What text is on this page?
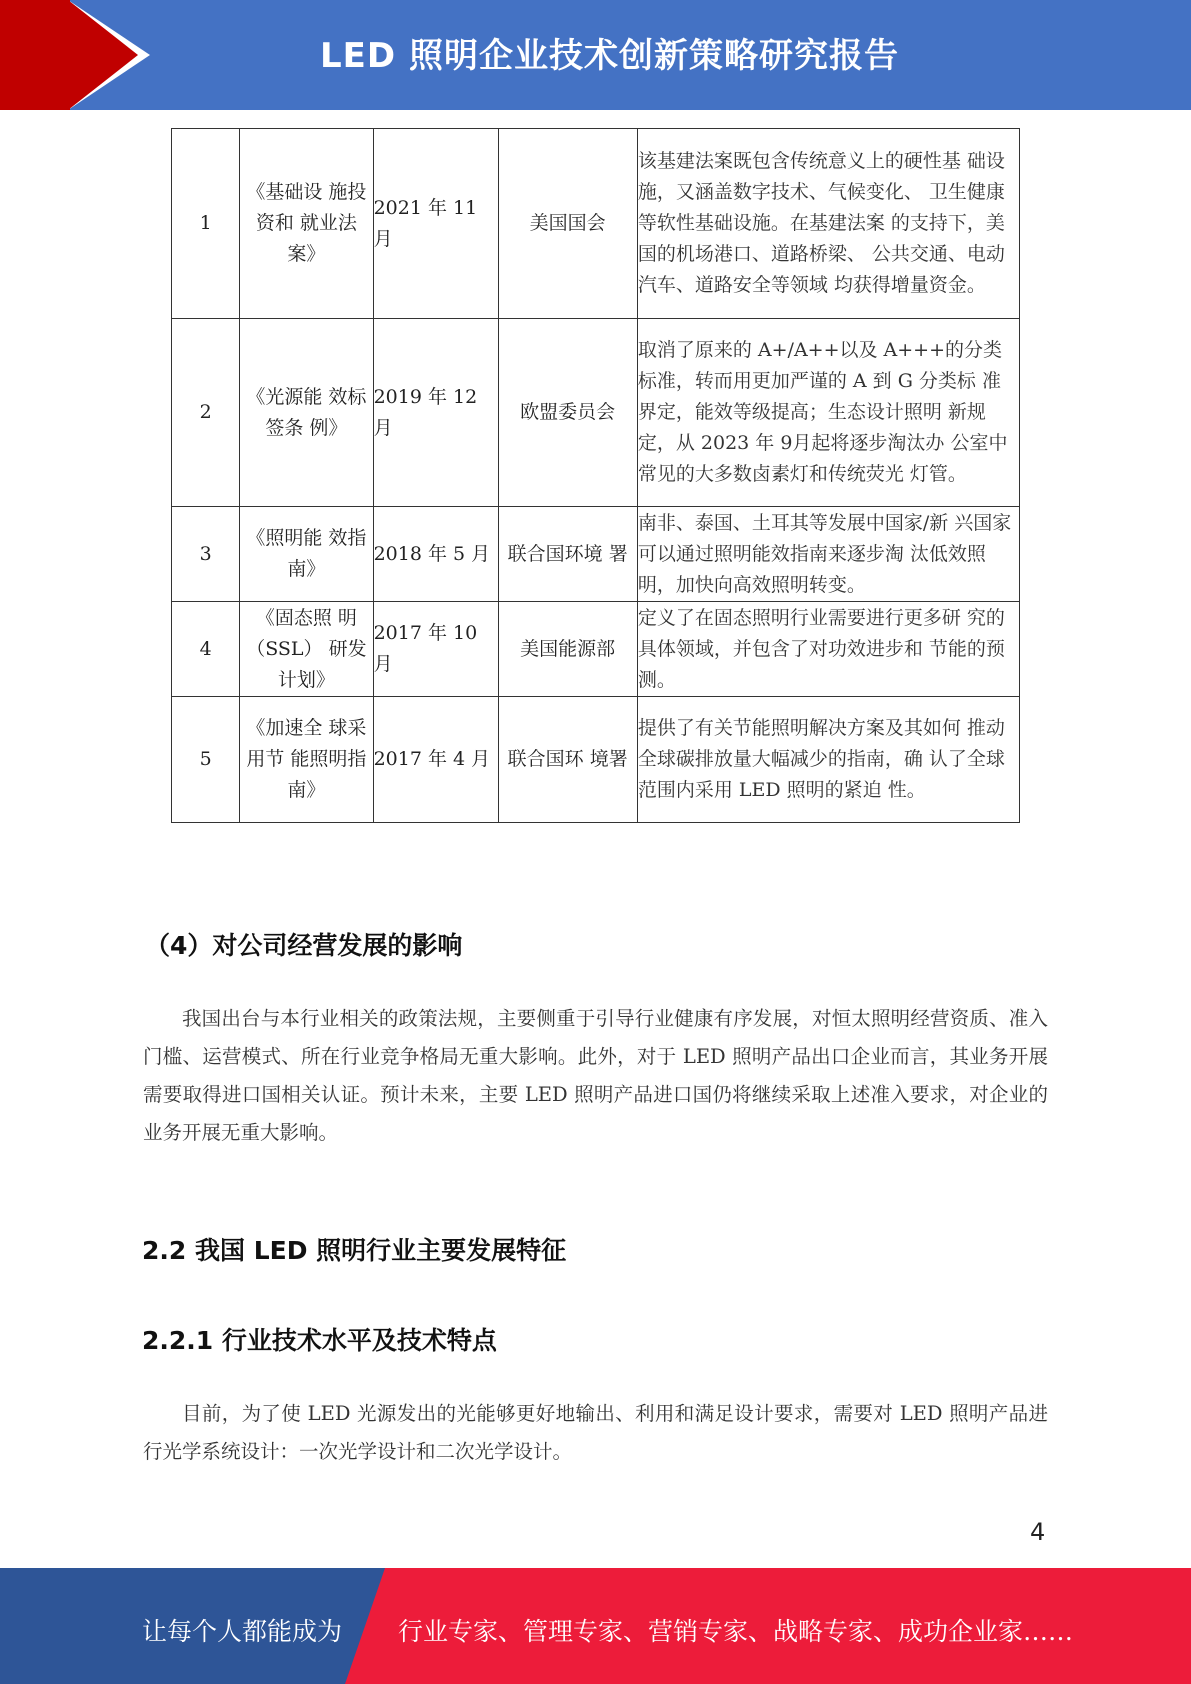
LED 照明企业技术创新策略研究报告
1	《基础设 施投资和 就业法案》	2021 年 11 月	美国国会	该基建法案既包含传统意义上的硬性基 础设施，又涵盖数字技术、气候变化、 卫生健康等软性基础设施。在基建法案 的支持下，美国的机场港口、道路桥梁、 公共交通、电动汽车、道路安全等领域 均获得增量资金。
2	《光源能 效标签条 例》	2019 年 12 月	欧盟委员会	取消了原来的 A+/A++以及 A+++的分类 标准，转而用更加严谨的 A 到 G 分类标 准界定，能效等级提高；生态设计照明 新规定，从 2023 年 9月起将逐步淘汰办 公室中常见的大多数卤素灯和传统荧光 灯管。
3	《照明能 效指南》	2018 年 5 月	联合国环境 署	南非、泰国、土耳其等发展中国家/新 兴国家可以通过照明能效指南来逐步淘 汰低效照明，加快向高效照明转变。
4	《固态照 明（SSL） 研发计划》	2017 年 10 月	美国能源部	定义了在固态照明行业需要进行更多研 究的具体领域，并包含了对功效进步和 节能的预测。
5	《加速全 球采用节 能照明指 南》	2017 年 4 月	联合国环 境署	提供了有关节能照明解决方案及其如何 推动全球碳排放量大幅减少的指南，确 认了全球范围内采用 LED 照明的紧迫 性。
（4）对公司经营发展的影响
我国出台与本行业相关的政策法规，主要侧重于引导行业健康有序发展，对恒太照明经营资质、准入门槛、运营模式、所在行业竞争格局无重大影响。此外，对于 LED 照明产品出口企业而言，其业务开展需要取得进口国相关认证。预计未来，主要 LED 照明产品进口国仍将继续采取上述准入要求，对企业的业务开展无重大影响。
2.2 我国 LED 照明行业主要发展特征
2.2.1 行业技术水平及技术特点
目前，为了使 LED 光源发出的光能够更好地输出、利用和满足设计要求，需要对 LED 照明产品进行光学系统设计：一次光学设计和二次光学设计。
4
让每个人都能成为 行业专家、管理专家、营销专家、战略专家、成功企业家……
